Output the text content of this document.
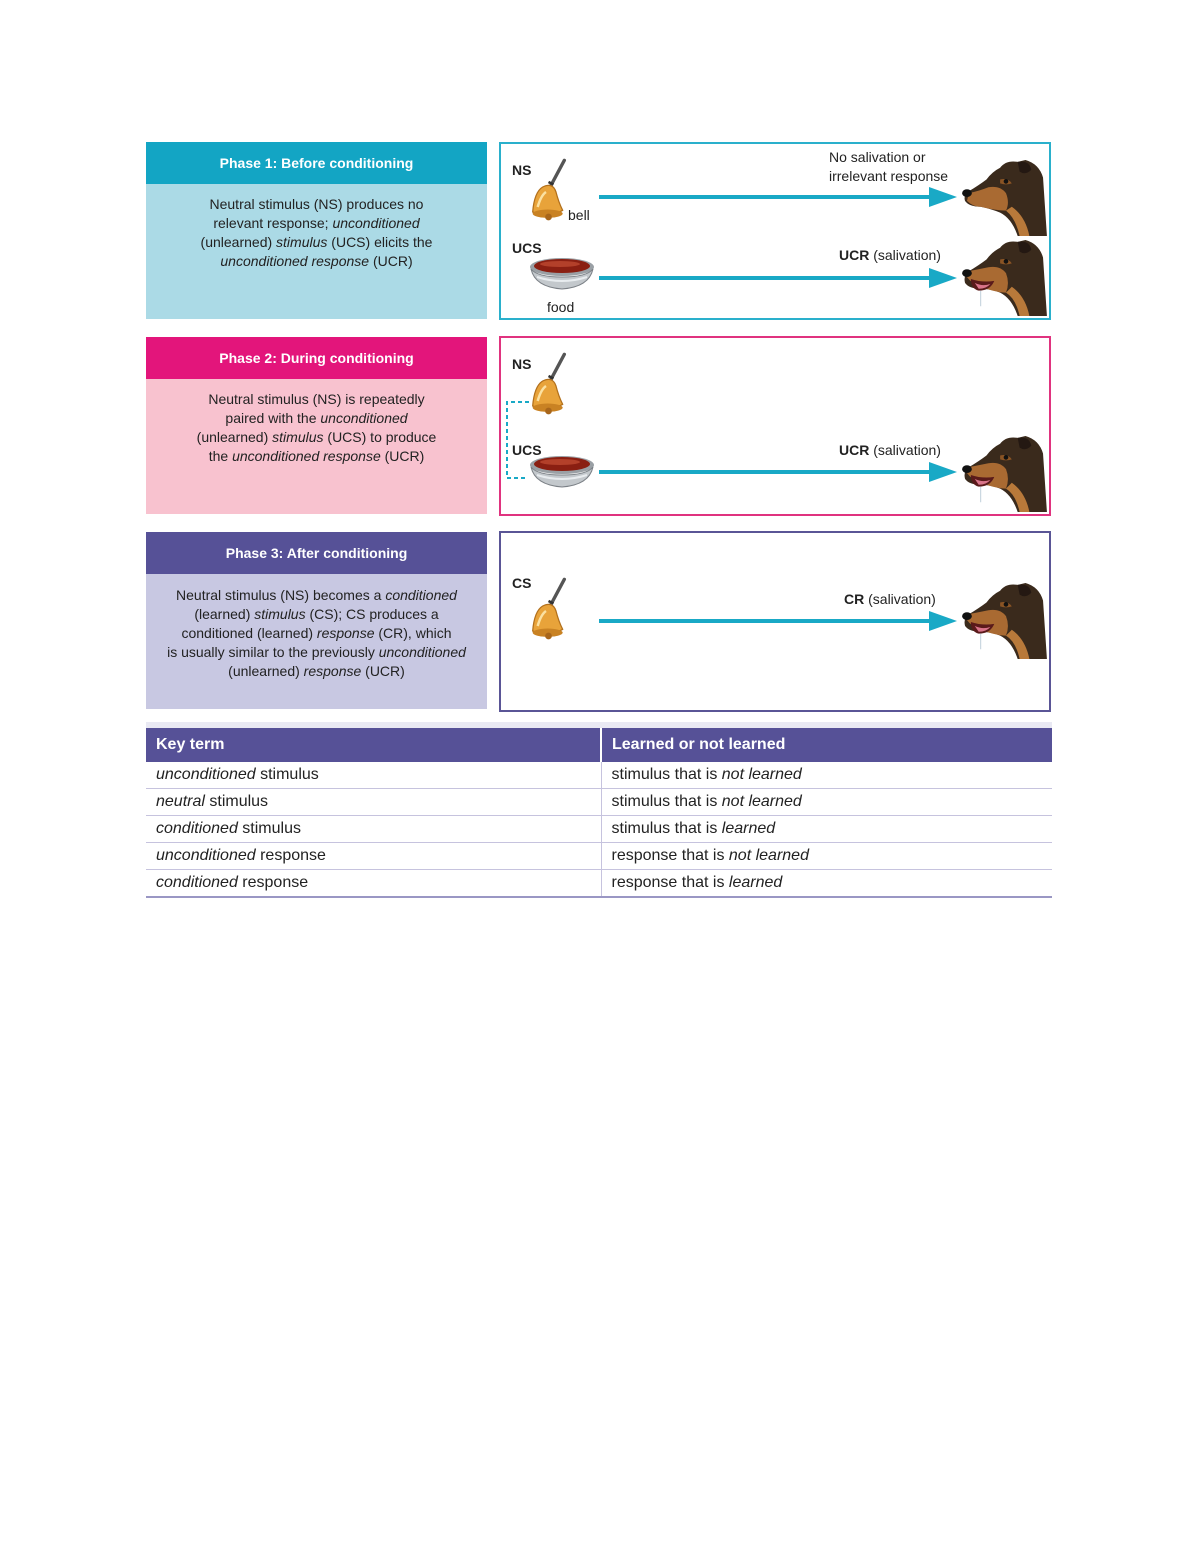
Phase 1: Before conditioning
Neutral stimulus (NS) produces no
relevant response; unconditioned
(unlearned) stimulus (UCS) elicits the
unconditioned response (UCR)
NS
bell
UCS
food
No salivation or
irrelevant response
UCR (salivation)
Phase 2: During conditioning
Neutral stimulus (NS) is repeatedly
paired with the unconditioned
(unlearned) stimulus (UCS) to produce
the unconditioned response (UCR)
NS
UCS	UCR (salivation)
Phase 3: After conditioning
Neutral stimulus (NS) becomes a conditioned
(learned) stimulus (CS); CS produces a
conditioned (learned) response (CR), which
is usually similar to the previously unconditioned
(unlearned) response (UCR)
CS
CR (salivation)
Key term	Learned or not learned
unconditioned stimulus	stimulus that is not learned
neutral stimulus	stimulus that is not learned
conditioned stimulus	stimulus that is learned
unconditioned response	response that is not learned
conditioned response	response that is learned
